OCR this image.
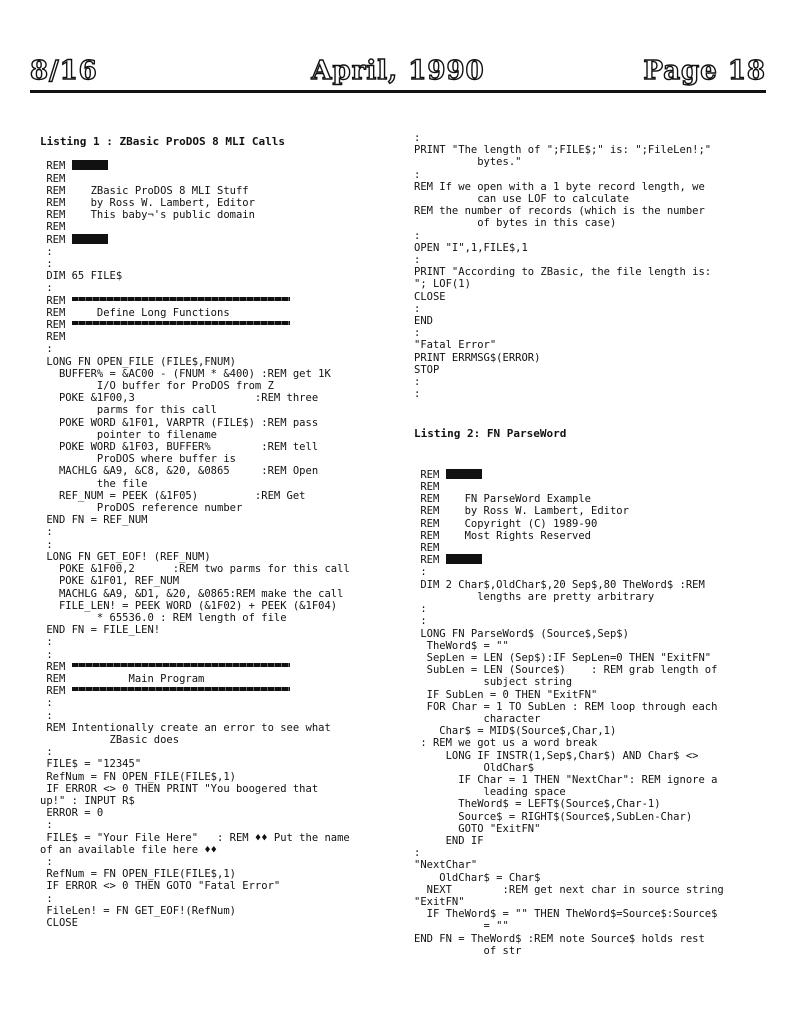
8/16	April, 1990	Page 18
Listing 1 : ZBasic ProDOS 8 MLI Calls
REM
REM
REM    ZBasic ProDOS 8 MLI Stuff
REM    by Ross W. Lambert, Editor
REM    This baby¬'s public domain
REM
REM
:
:
DIM 65 FILE$
:
REM
REM     Define Long Functions
REM
REM
:
LONG FN OPEN_FILE (FILE$,FNUM)
BUFFER% = &AC00 - (FNUM * &400) :REM get 1K
I/O buffer for ProDOS from Z
POKE &1F00,3                   :REM three
parms for this call
POKE WORD &1F01, VARPTR (FILE$) :REM pass
pointer to filename
POKE WORD &1F03, BUFFER%        :REM tell
ProDOS where buffer is
MACHLG &A9, &C8, &20, &0865     :REM Open
the file
REF_NUM = PEEK (&1F05)         :REM Get
ProDOS reference number
END FN = REF_NUM
:
:
LONG FN GET_EOF! (REF_NUM)
POKE &1F00,2      :REM two parms for this call
POKE &1F01, REF_NUM
MACHLG &A9, &D1, &20, &0865:REM make the call
FILE_LEN! = PEEK WORD (&1F02) + PEEK (&1F04)
* 65536.0 : REM length of file
END FN = FILE_LEN!
:
:
REM
REM          Main Program
REM
:
:
REM Intentionally create an error to see what
ZBasic does
:
FILE$ = "12345"
RefNum = FN OPEN_FILE(FILE$,1)
IF ERROR <> 0 THEN PRINT "You boogered that
up!" : INPUT R$
ERROR = 0
:
FILE$ = "Your File Here"   : REM ♦♦ Put the name
of an available file here ♦♦
:
RefNum = FN OPEN_FILE(FILE$,1)
IF ERROR <> 0 THEN GOTO "Fatal Error"
:
FileLen! = FN GET_EOF!(RefNum)
CLOSE
:
PRINT "The length of ";FILE$;" is: ";FileLen!;"
bytes."
:
REM If we open with a 1 byte record length, we
can use LOF to calculate
REM the number of records (which is the number
of bytes in this case)
:
OPEN "I",1,FILE$,1
:
PRINT "According to ZBasic, the file length is:
"; LOF(1)
CLOSE
:
END
:
"Fatal Error"
PRINT ERRMSG$(ERROR)
STOP
:
:
Listing 2: FN ParseWord
REM
REM
REM    FN ParseWord Example
REM    by Ross W. Lambert, Editor
REM    Copyright (C) 1989-90
REM    Most Rights Reserved
REM
REM
:
DIM 2 Char$,OldChar$,20 Sep$,80 TheWord$ :REM
lengths are pretty arbitrary
:
:
LONG FN ParseWord$ (Source$,Sep$)
TheWord$ = ""
SepLen = LEN (Sep$):IF SepLen=0 THEN "ExitFN"
SubLen = LEN (Source$)    : REM grab length of
subject string
IF SubLen = 0 THEN "ExitFN"
FOR Char = 1 TO SubLen : REM loop through each
character
Char$ = MID$(Source$,Char,1)
: REM we got us a word break
LONG IF INSTR(1,Sep$,Char$) AND Char$ <>
OldChar$
IF Char = 1 THEN "NextChar": REM ignore a
leading space
TheWord$ = LEFT$(Source$,Char-1)
Source$ = RIGHT$(Source$,SubLen-Char)
GOTO "ExitFN"
END IF
:
"NextChar"
OldChar$ = Char$
NEXT        :REM get next char in source string
"ExitFN"
IF TheWord$ = "" THEN TheWord$=Source$:Source$
= ""
END FN = TheWord$ :REM note Source$ holds rest
of str
